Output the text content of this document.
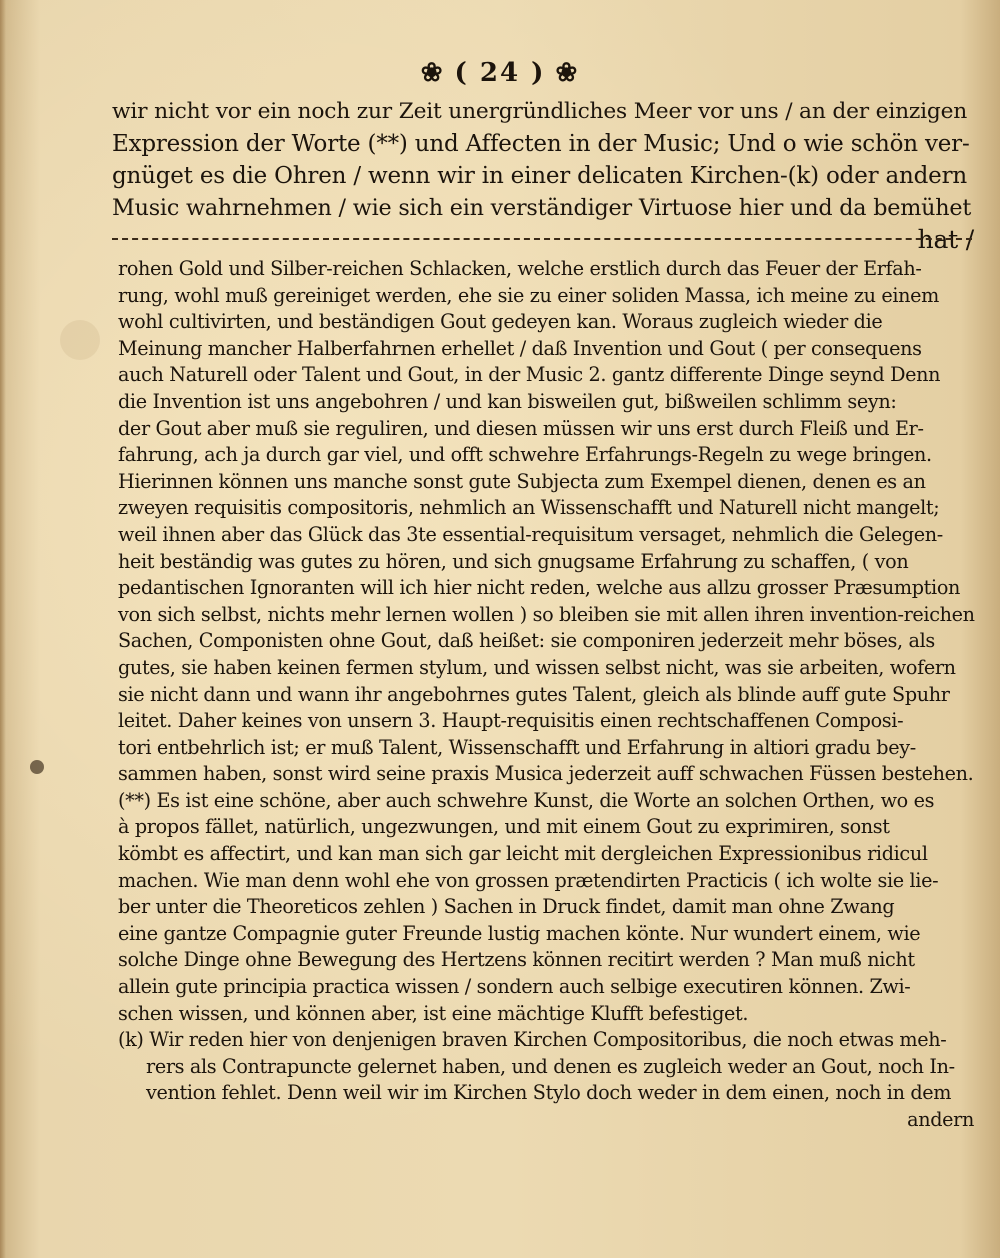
❀ ( 24 ) ❀
wir nicht vor ein noch zur Zeit unergründliches Meer vor uns / an der einzigen
Expression der Worte (**) und Affecten in der Music; Und o wie schön ver-
gnüget es die Ohren / wenn wir in einer delicaten Kirchen-(k) oder andern
Music wahrnehmen / wie sich ein verständiger Virtuose hier und da bemühet
hat /
rohen Gold und Silber-reichen Schlacken, welche erstlich durch das Feuer der Erfah-
rung, wohl muß gereiniget werden, ehe sie zu einer soliden Massa, ich meine zu einem
wohl cultivirten, und beständigen Gout gedeyen kan. Woraus zugleich wieder die
Meinung mancher Halberfahrnen erhellet / daß Invention und Gout ( per consequens
auch Naturell oder Talent und Gout, in der Music 2. gantz differente Dinge seynd Denn
die Invention ist uns angebohren / und kan bisweilen gut, bißweilen schlimm seyn:
der Gout aber muß sie reguliren, und diesen müssen wir uns erst durch Fleiß und Er-
fahrung, ach ja durch gar viel, und offt schwehre Erfahrungs-Regeln zu wege bringen.
Hierinnen können uns manche sonst gute Subjecta zum Exempel dienen, denen es an
zweyen requisitis compositoris, nehmlich an Wissenschafft und Naturell nicht mangelt;
weil ihnen aber das Glück das 3te essential-requisitum versaget, nehmlich die Gelegen-
heit beständig was gutes zu hören, und sich gnugsame Erfahrung zu schaffen, ( von
pedantischen Ignoranten will ich hier nicht reden, welche aus allzu grosser Præsumption
von sich selbst, nichts mehr lernen wollen ) so bleiben sie mit allen ihren invention-reichen
Sachen, Componisten ohne Gout, daß heißet: sie componiren jederzeit mehr böses, als
gutes, sie haben keinen fermen stylum, und wissen selbst nicht, was sie arbeiten, wofern
sie nicht dann und wann ihr angebohrnes gutes Talent, gleich als blinde auff gute Spuhr
leitet. Daher keines von unsern 3. Haupt-requisitis einen rechtschaffenen Composi-
tori entbehrlich ist; er muß Talent, Wissenschafft und Erfahrung in altiori gradu bey-
sammen haben, sonst wird seine praxis Musica jederzeit auff schwachen Füssen bestehen.
(**) Es ist eine schöne, aber auch schwehre Kunst, die Worte an solchen Orthen, wo es
à propos fället, natürlich, ungezwungen, und mit einem Gout zu exprimiren, sonst
kömbt es affectirt, und kan man sich gar leicht mit dergleichen Expressionibus ridicul
machen. Wie man denn wohl ehe von grossen prætendirten Practicis ( ich wolte sie lie-
ber unter die Theoreticos zehlen ) Sachen in Druck findet, damit man ohne Zwang
eine gantze Compagnie guter Freunde lustig machen könte. Nur wundert einem, wie
solche Dinge ohne Bewegung des Hertzens können recitirt werden ? Man muß nicht
allein gute principia practica wissen / sondern auch selbige executiren können. Zwi-
schen wissen, und können aber, ist eine mächtige Klufft befestiget.
(k) Wir reden hier von denjenigen braven Kirchen Compositoribus, die noch etwas meh-
rers als Contrapuncte gelernet haben, und denen es zugleich weder an Gout, noch In-
vention fehlet. Denn weil wir im Kirchen Stylo doch weder in dem einen, noch in dem
andern
